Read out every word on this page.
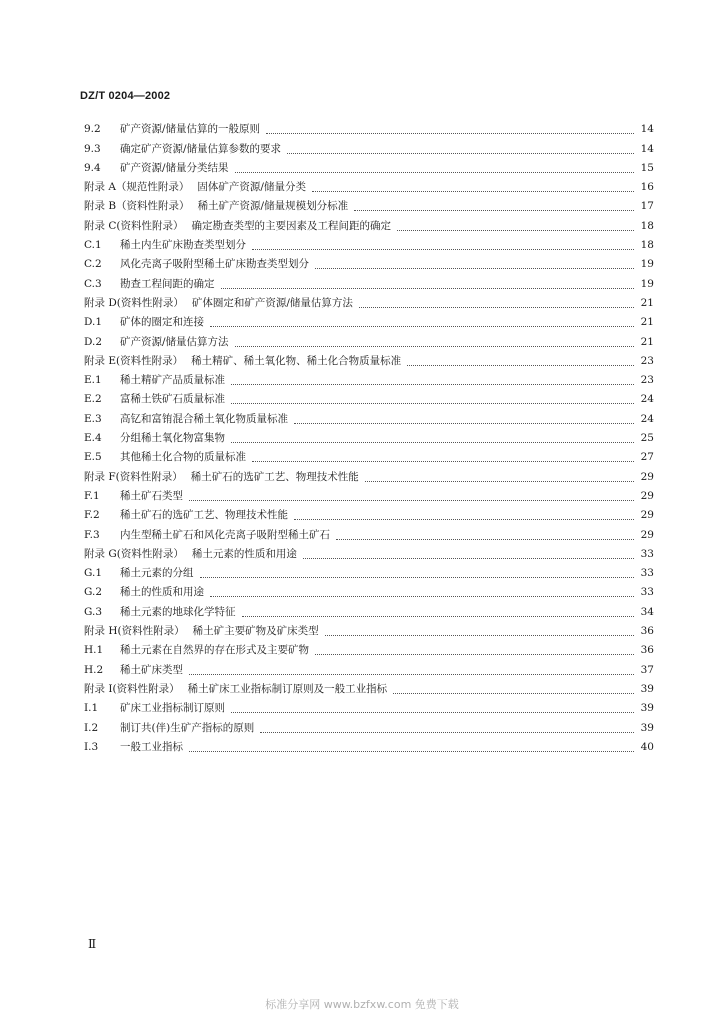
DZ/T 0204—2002
9.2	矿产资源/储量估算的一般原则	14
9.3	确定矿产资源/储量估算参数的要求	14
9.4	矿产资源/储量分类结果	15
附录 A（规范性附录） 固体矿产资源/储量分类	16
附录 B（资料性附录） 稀土矿产资源/储量规模划分标准	17
附录 C(资料性附录） 确定勘查类型的主要因素及工程间距的确定	18
C.1	稀土内生矿床勘查类型划分	18
C.2	风化壳离子吸附型稀土矿床勘查类型划分	19
C.3	勘查工程间距的确定	19
附录 D(资料性附录） 矿体圈定和矿产资源/储量估算方法	21
D.1	矿体的圈定和连接	21
D.2	矿产资源/储量估算方法	21
附录 E(资料性附录） 稀土精矿、稀土氧化物、稀土化合物质量标准	23
E.1	稀土精矿产品质量标准	23
E.2	富稀土铁矿石质量标准	24
E.3	高钇和富铕混合稀土氧化物质量标准	24
E.4	分组稀土氧化物富集物	25
E.5	其他稀土化合物的质量标准	27
附录 F(资料性附录） 稀土矿石的选矿工艺、物理技术性能	29
F.1	稀土矿石类型	29
F.2	稀土矿石的选矿工艺、物理技术性能	29
F.3	内生型稀土矿石和风化壳离子吸附型稀土矿石	29
附录 G(资料性附录） 稀土元素的性质和用途	33
G.1	稀土元素的分组	33
G.2	稀土的性质和用途	33
G.3	稀土元素的地球化学特征	34
附录 H(资料性附录） 稀土矿主要矿物及矿床类型	36
H.1	稀土元素在自然界的存在形式及主要矿物	36
H.2	稀土矿床类型	37
附录 I(资料性附录） 稀土矿床工业指标制订原则及一般工业指标	39
I.1	矿床工业指标制订原则	39
I.2	制订共(伴)生矿产指标的原则	39
I.3	一般工业指标	40
Ⅱ
标准分享网 www.bzfxw.com 免费下载
